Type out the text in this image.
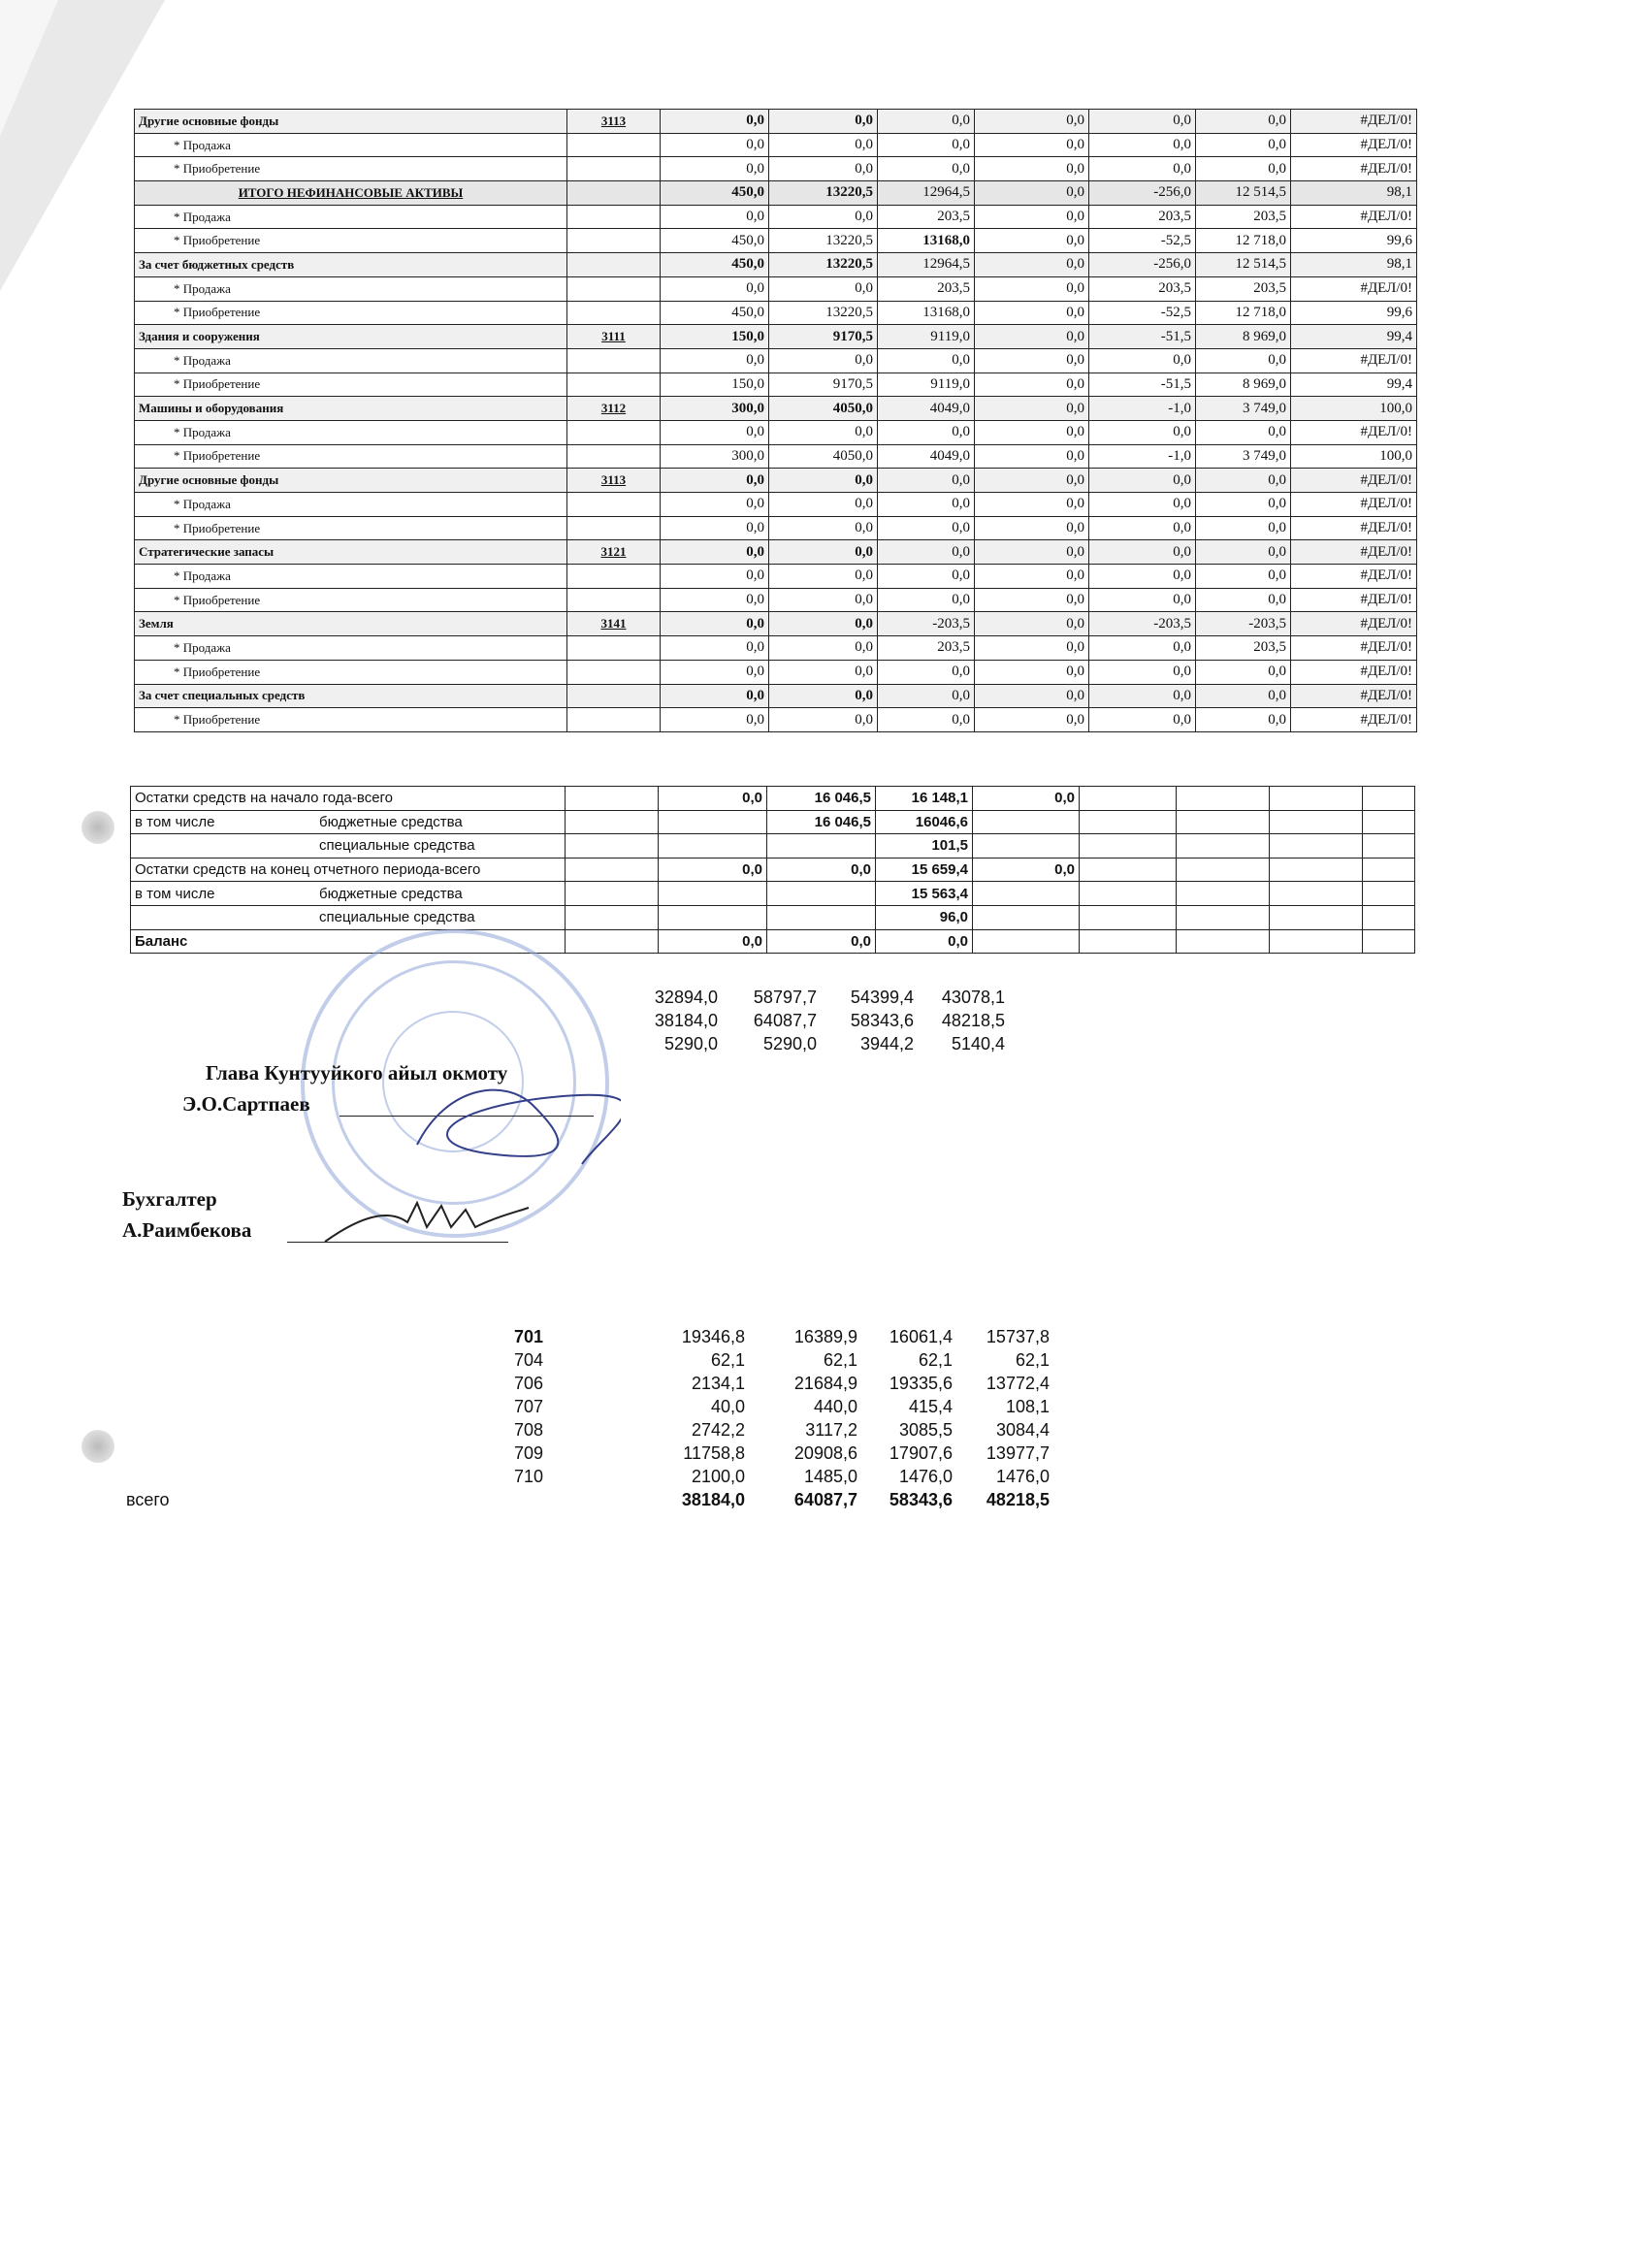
Другие основные фонды	3113	0,0	0,0	0,0	0,0	0,0	0,0	#ДЕЛ/0!
* Продажа		0,0	0,0	0,0	0,0	0,0	0,0	#ДЕЛ/0!
* Приобретение		0,0	0,0	0,0	0,0	0,0	0,0	#ДЕЛ/0!
ИТОГО НЕФИНАНСОВЫЕ АКТИВЫ		450,0	13220,5	12964,5	0,0	-256,0	12 514,5	98,1
* Продажа		0,0	0,0	203,5	0,0	203,5	203,5	#ДЕЛ/0!
* Приобретение		450,0	13220,5	13168,0	0,0	-52,5	12 718,0	99,6
За счет бюджетных средств		450,0	13220,5	12964,5	0,0	-256,0	12 514,5	98,1
* Продажа		0,0	0,0	203,5	0,0	203,5	203,5	#ДЕЛ/0!
* Приобретение		450,0	13220,5	13168,0	0,0	-52,5	12 718,0	99,6
Здания и сооружения	3111	150,0	9170,5	9119,0	0,0	-51,5	8 969,0	99,4
* Продажа		0,0	0,0	0,0	0,0	0,0	0,0	#ДЕЛ/0!
* Приобретение		150,0	9170,5	9119,0	0,0	-51,5	8 969,0	99,4
Машины и оборудования	3112	300,0	4050,0	4049,0	0,0	-1,0	3 749,0	100,0
* Продажа		0,0	0,0	0,0	0,0	0,0	0,0	#ДЕЛ/0!
* Приобретение		300,0	4050,0	4049,0	0,0	-1,0	3 749,0	100,0
Другие основные фонды	3113	0,0	0,0	0,0	0,0	0,0	0,0	#ДЕЛ/0!
* Продажа		0,0	0,0	0,0	0,0	0,0	0,0	#ДЕЛ/0!
* Приобретение		0,0	0,0	0,0	0,0	0,0	0,0	#ДЕЛ/0!
Стратегические запасы	3121	0,0	0,0	0,0	0,0	0,0	0,0	#ДЕЛ/0!
* Продажа		0,0	0,0	0,0	0,0	0,0	0,0	#ДЕЛ/0!
* Приобретение		0,0	0,0	0,0	0,0	0,0	0,0	#ДЕЛ/0!
Земля	3141	0,0	0,0	-203,5	0,0	-203,5	-203,5	#ДЕЛ/0!
* Продажа		0,0	0,0	203,5	0,0	0,0	203,5	#ДЕЛ/0!
* Приобретение		0,0	0,0	0,0	0,0	0,0	0,0	#ДЕЛ/0!
За счет специальных средств		0,0	0,0	0,0	0,0	0,0	0,0	#ДЕЛ/0!
* Приобретение		0,0	0,0	0,0	0,0	0,0	0,0	#ДЕЛ/0!
Остатки средств на начало года-всего		0,0	16 046,5	16 148,1	0,0				
в том числе бюджетные средства			16 046,5	16046,6					
специальные средства				101,5					
Остатки средств на конец отчетного периода-всего		0,0	0,0	15 659,4	0,0				
в том числе бюджетные средства				15 563,4					
специальные средства				96,0					
Баланс		0,0	0,0	0,0					
32894,0	58797,7	54399,4	43078,1
38184,0	64087,7	58343,6	48218,5
5290,0	5290,0	3944,2	5140,4
Глава Кунтууйкого айыл окмоту
Э.О.Сартпаев
Бухгалтер
А.Раимбекова
701	19346,8	16389,9	16061,4	15737,8
704	62,1	62,1	62,1	62,1
706	2134,1	21684,9	19335,6	13772,4
707	40,0	440,0	415,4	108,1
708	2742,2	3117,2	3085,5	3084,4
709	11758,8	20908,6	17907,6	13977,7
710	2100,0	1485,0	1476,0	1476,0
всего	38184,0	64087,7	58343,6	48218,5
